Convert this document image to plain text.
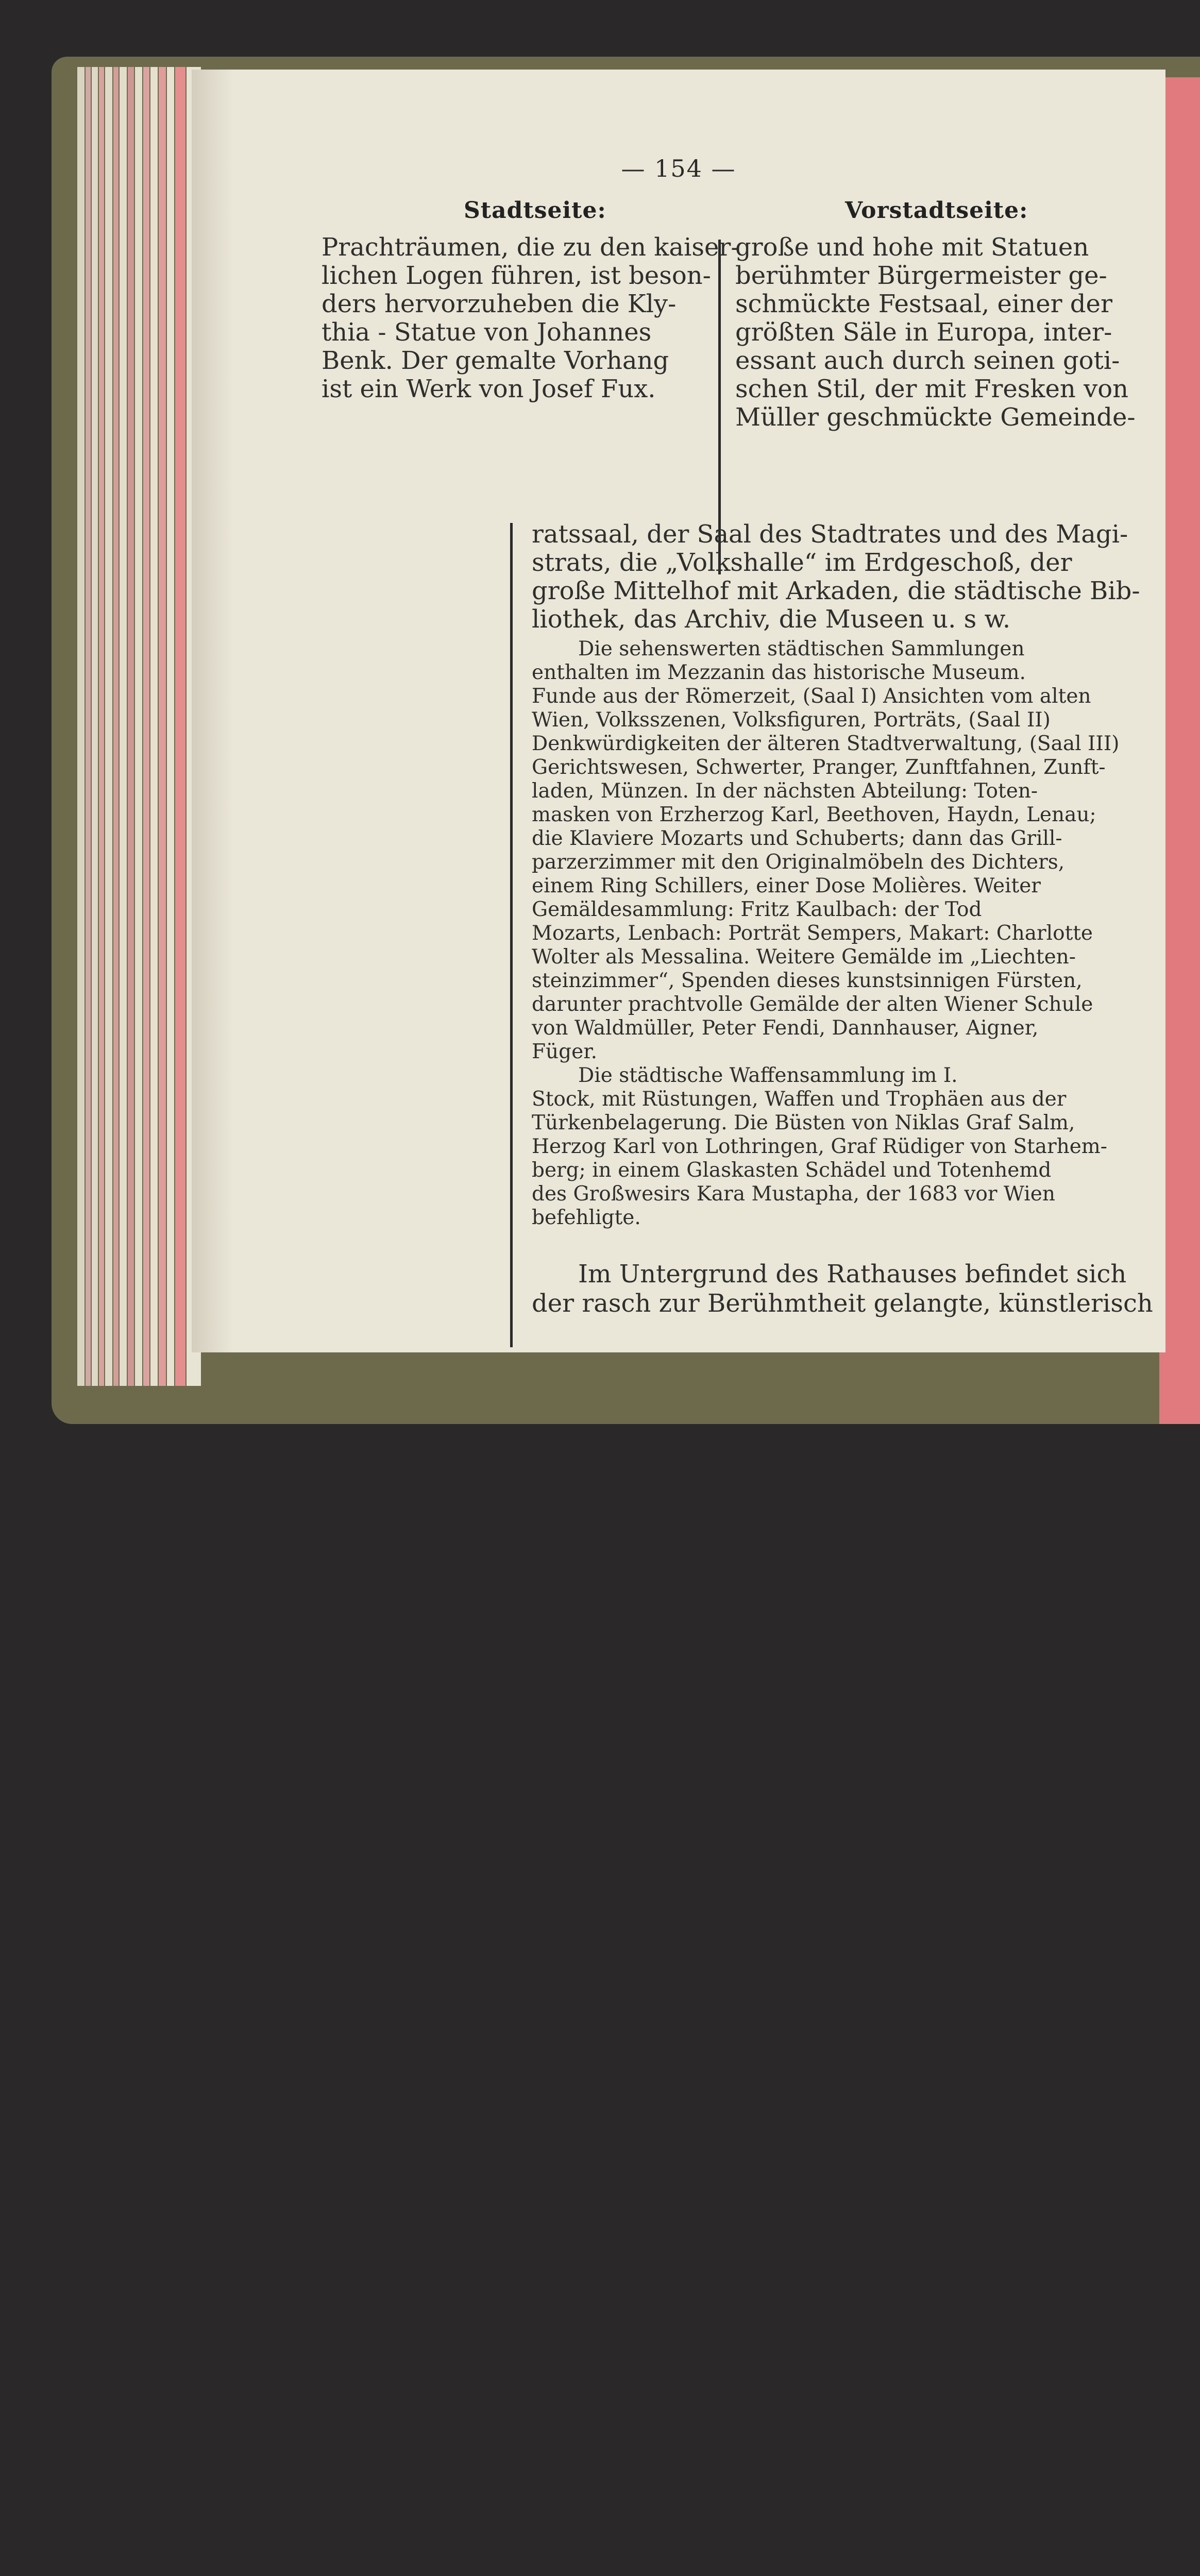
— 154 —
Stadtseite:	Vorstadtseite:
Prachträumen, die zu den kaiser-
lichen Logen führen, ist beson-
ders hervorzuheben die Kly-
thia - Statue von Johannes
Benk. Der gemalte Vorhang
ist ein Werk von Josef Fux.
große und hohe mit Statuen
berühmter Bürgermeister ge-
schmückte Festsaal, einer der
größten Säle in Europa, inter-
essant auch durch seinen goti-
schen Stil, der mit Fresken von
Müller geschmückte Gemeinde-
ratssaal, der Saal des Stadtrates und des Magi-
strats, die „Volkshalle“ im Erdgeschoß, der
große Mittelhof mit Arkaden, die städtische Bib-
liothek, das Archiv, die Museen u. s w.
Die sehenswerten städtischen Sammlungen
enthalten im Mezzanin das historische Museum.
Funde aus der Römerzeit, (Saal I) Ansichten vom alten
Wien, Volksszenen, Volksfiguren, Porträts, (Saal II)
Denkwürdigkeiten der älteren Stadtverwaltung, (Saal III)
Gerichtswesen, Schwerter, Pranger, Zunftfahnen, Zunft-
laden, Münzen. In der nächsten Abteilung: Toten-
masken von Erzherzog Karl, Beethoven, Haydn, Lenau;
die Klaviere Mozarts und Schuberts; dann das Grill-
parzerzimmer mit den Originalmöbeln des Dichters,
einem Ring Schillers, einer Dose Molières. Weiter
Gemäldesammlung: Fritz Kaulbach: der Tod
Mozarts, Lenbach: Porträt Sempers, Makart: Charlotte
Wolter als Messalina. Weitere Gemälde im „Liechten-
steinzimmer“, Spenden dieses kunstsinnigen Fürsten,
darunter prachtvolle Gemälde der alten Wiener Schule
von Waldmüller, Peter Fendi, Dannhauser, Aigner,
Füger.
Die städtische Waffensammlung im I.
Stock, mit Rüstungen, Waffen und Trophäen aus der
Türkenbelagerung. Die Büsten von Niklas Graf Salm,
Herzog Karl von Lothringen, Graf Rüdiger von Starhem-
berg; in einem Glaskasten Schädel und Totenhemd
des Großwesirs Kara Mustapha, der 1683 vor Wien
befehligte.
Im Untergrund des Rathauses befindet sich
der rasch zur Berühmtheit gelangte, künstlerisch
